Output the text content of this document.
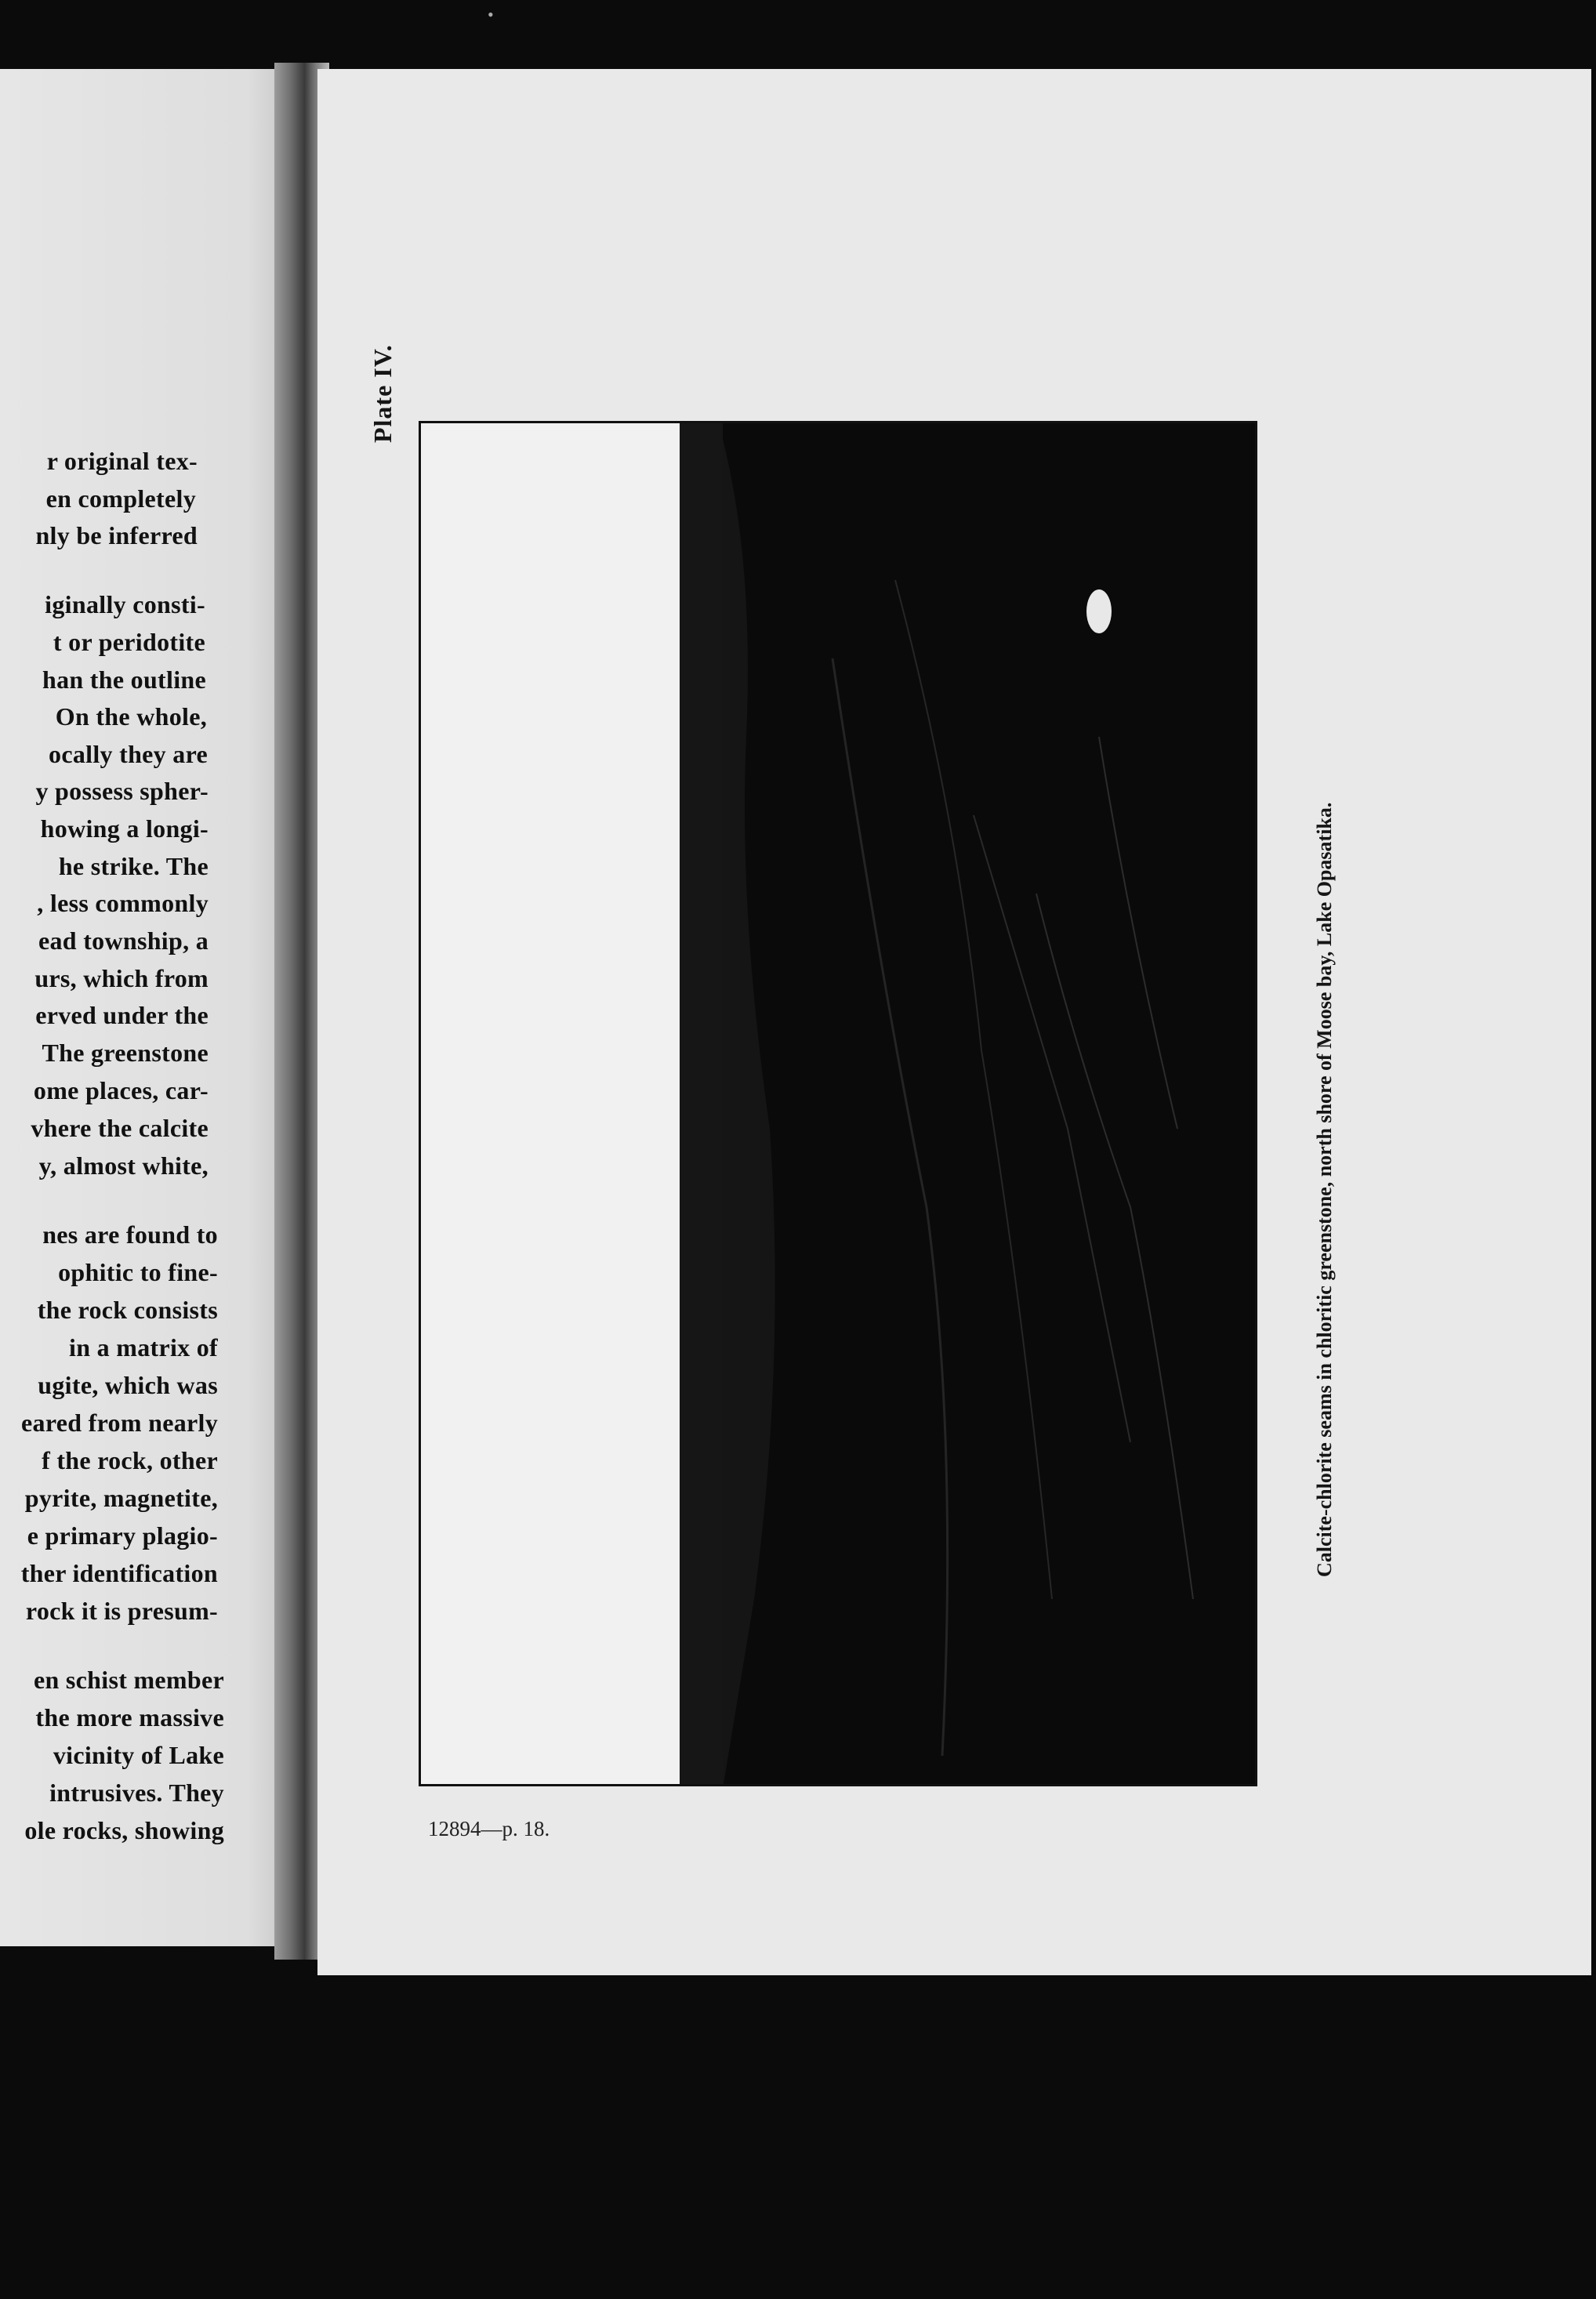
r original tex-
en completely
nly be inferred
iginally consti-
t or peridotite
han the outline
On the whole,
ocally they are
y possess spher-
howing a longi-
he strike. The
, less commonly
ead township, a
urs, which from
erved under the
The greenstone
ome places, car-
vhere the calcite
y, almost white,
nes are found to
ophitic to fine-
the rock consists
in a matrix of
ugite, which was
eared from nearly
f the rock, other
pyrite, magnetite,
e primary plagio-
ther identification
rock it is presum-
en schist member
the more massive
vicinity of Lake
intrusives. They
ole rocks, showing
•
Plate IV.
Calcite-chlorite seams in chloritic greenstone, north shore of Moose bay, Lake Opasatika.
12894—p. 18.
